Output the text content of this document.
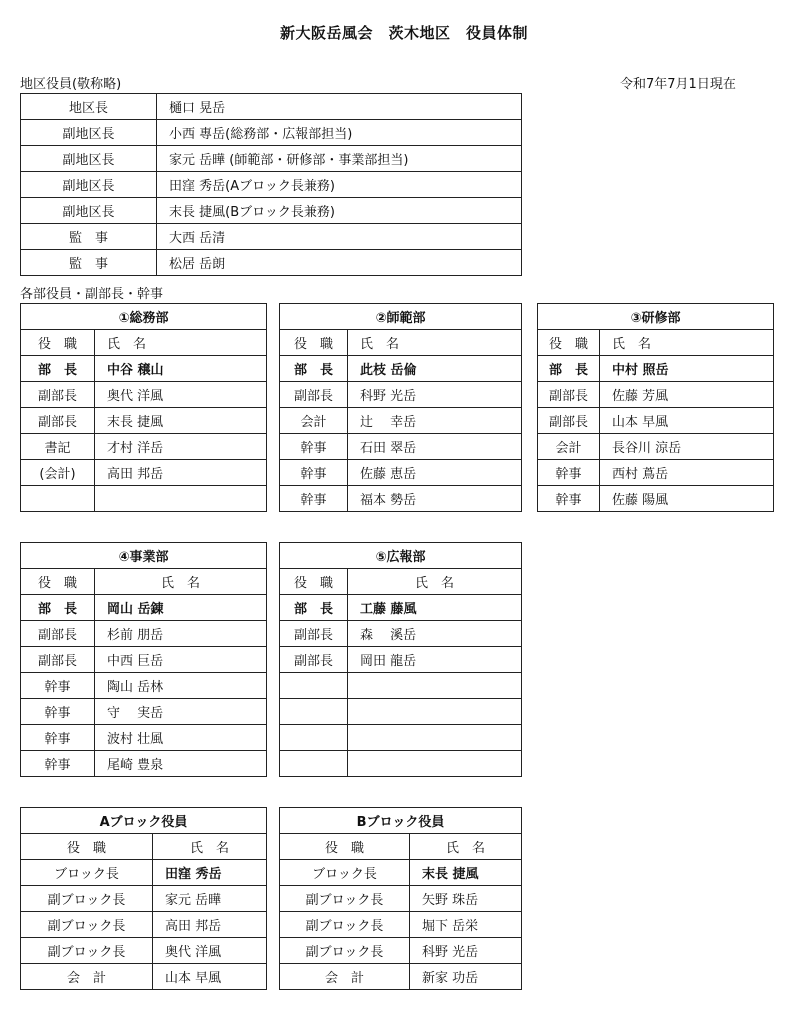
新大阪岳風会　茨木地区　役員体制
地区役員(敬称略)	令和7年7月1日現在
地区長	樋口 晃岳
副地区長	小西 專岳(総務部・広報部担当)
副地区長	家元 岳曄 (師範部・研修部・事業部担当)
副地区長	田窪 秀岳(Aブロック長兼務)
副地区長	末長 捷風(Bブロック長兼務)
監　事	大西 岳清
監　事	松居 岳朗
各部役員・副部長・幹事
①総務部	
役　職	氏　名
部　長	中谷 穣山
副部長	奥代 洋風
副部長	末長 捷風
書記	才村 洋岳
(会計)	高田 邦岳

②師範部	
役　職	氏　名
部　長	此枝 岳倫
副部長	科野 光岳
会計	辻　 幸岳
幹事	石田 翠岳
幹事	佐藤 恵岳
幹事	福本 勢岳
③研修部	
役　職	氏　名
部　長	中村 照岳
副部長	佐藤 芳風
副部長	山本 早風
会計	長谷川 涼岳
幹事	西村 蔦岳
幹事	佐藤 陽風
④事業部	
役　職	氏　名
部　長	岡山 岳錬
副部長	杉前 朋岳
副部長	中西 巨岳
幹事	陶山 岳林
幹事	守　 実岳
幹事	波村 壮風
幹事	尾崎 豊泉
⑤広報部	
役　職	氏　名
部　長	工藤 藤風
副部長	森　 溪岳
副部長	岡田 龍岳

Aブロック役員	
役　職	氏　名
ブロック長	田窪 秀岳
副ブロック長	家元 岳曄
副ブロック長	高田 邦岳
副ブロック長	奥代 洋風
会　計	山本 早風
Bブロック役員	
役　職	氏　名
ブロック長	末長 捷風
副ブロック長	矢野 珠岳
副ブロック長	堀下 岳栄
副ブロック長	科野 光岳
会　計	新家 功岳
